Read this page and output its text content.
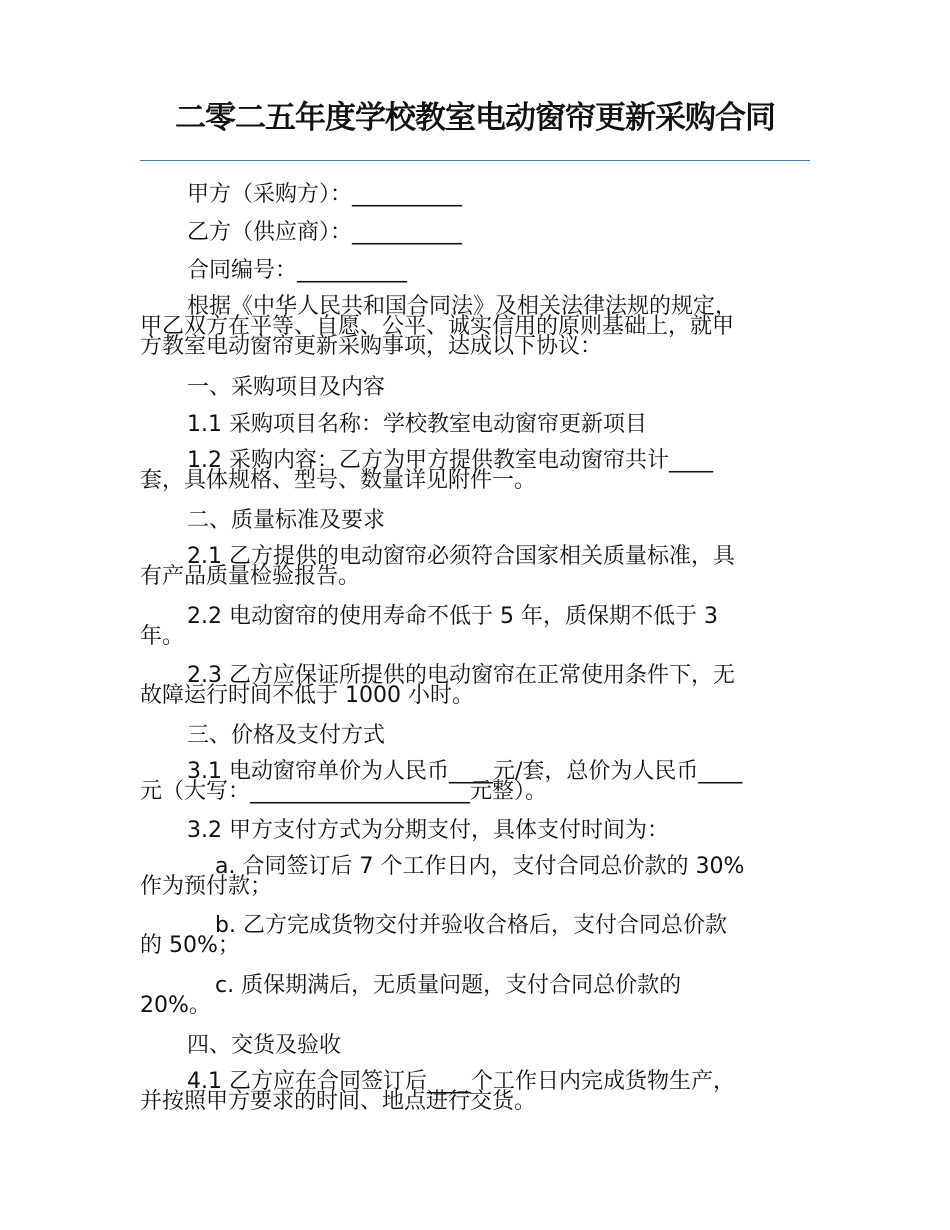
二零二五年度学校教室电动窗帘更新采购合同
甲方（采购方）：__________
乙方（供应商）：__________
合同编号：__________
根据《中华人民共和国合同法》及相关法律法规的规定，
甲乙双方在平等、自愿、公平、诚实信用的原则基础上，就甲
方教室电动窗帘更新采购事项，达成以下协议：
一、采购项目及内容
1.1 采购项目名称：学校教室电动窗帘更新项目
1.2 采购内容：乙方为甲方提供教室电动窗帘共计____
套，具体规格、型号、数量详见附件一。
二、质量标准及要求
2.1 乙方提供的电动窗帘必须符合国家相关质量标准，具
有产品质量检验报告。
2.2 电动窗帘的使用寿命不低于 5 年，质保期不低于 3
年。
2.3 乙方应保证所提供的电动窗帘在正常使用条件下，无
故障运行时间不低于 1000 小时。
三、价格及支付方式
3.1 电动窗帘单价为人民币____元/套，总价为人民币____
元（大写：____________________元整）。
3.2 甲方支付方式为分期支付，具体支付时间为：
a. 合同签订后 7 个工作日内，支付合同总价款的 30%
作为预付款；
b. 乙方完成货物交付并验收合格后，支付合同总价款
的 50%；
c. 质保期满后，无质量问题，支付合同总价款的
20%。
四、交货及验收
4.1 乙方应在合同签订后____个工作日内完成货物生产，
并按照甲方要求的时间、地点进行交货。
